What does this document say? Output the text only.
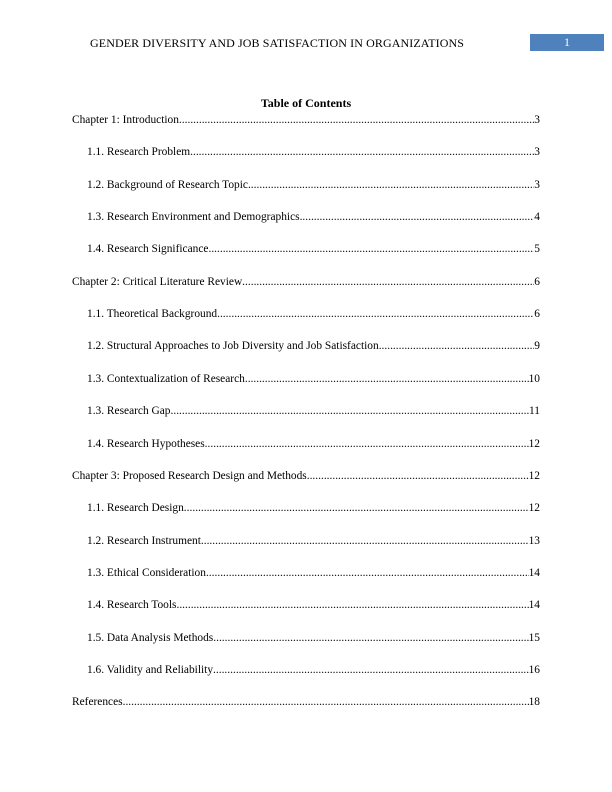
GENDER DIVERSITY AND JOB SATISFACTION IN ORGANIZATIONS	1
Table of Contents
Chapter 1: Introduction .....	3
1.1. Research Problem .....	3
1.2. Background of Research Topic .....	3
1.3. Research Environment and Demographics .....	4
1.4. Research Significance .....	5
Chapter 2: Critical Literature Review .....	6
1.1. Theoretical Background .....	6
1.2. Structural Approaches to Job Diversity and Job Satisfaction .....	9
1.3. Contextualization of Research .....	10
1.3. Research Gap .....	11
1.4. Research Hypotheses .....	12
Chapter 3: Proposed Research Design and Methods .....	12
1.1. Research Design .....	12
1.2. Research Instrument .....	13
1.3. Ethical Consideration .....	14
1.4. Research Tools .....	14
1.5. Data Analysis Methods .....	15
1.6. Validity and Reliability .....	16
References .....	18
